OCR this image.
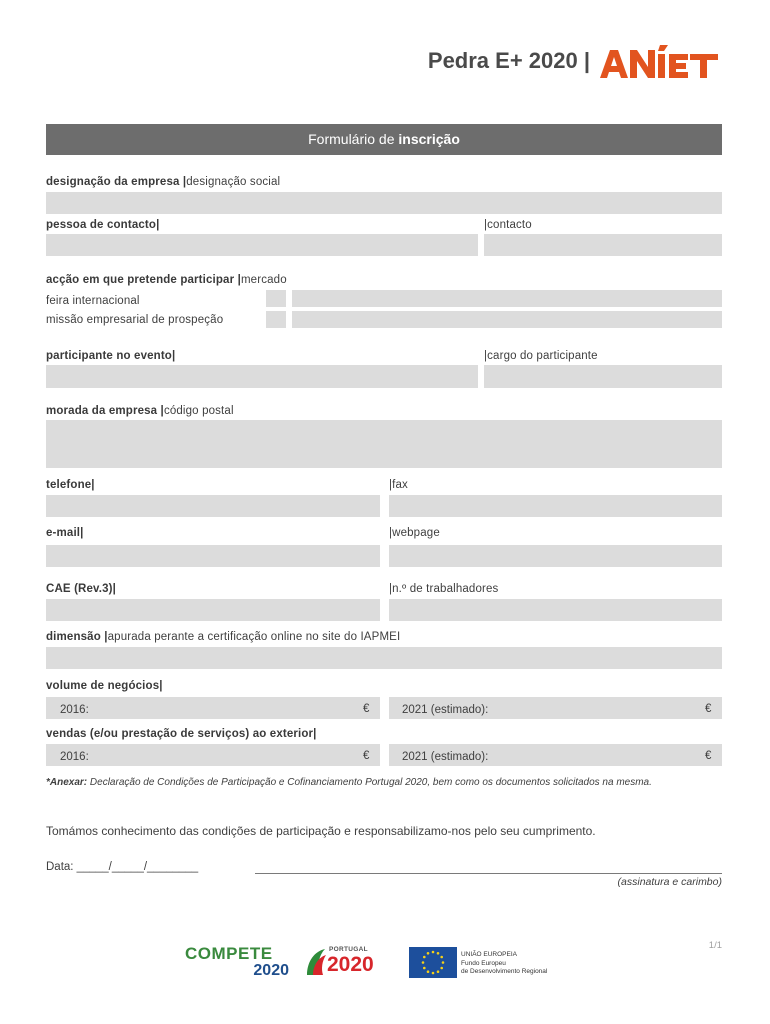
Pedra E+ 2020 |
Formulário de inscrição
designação da empresa |designação social
pessoa de contacto|	|contacto
acção em que pretende participar |mercado
feira internacional
missão empresarial de prospeção
participante no evento|	|cargo do participante
morada da empresa |código postal
telefone|	|fax
e-mail|	|webpage
CAE (Rev.3)|	|n.º de trabalhadores
dimensão |apurada perante a certificação online no site do IAPMEI
volume de negócios|
2016:	€	2021 (estimado):	€
vendas (e/ou prestação de serviços) ao exterior|
2016:	€	2021 (estimado):	€
*Anexar: Declaração de Condições de Participação e Cofinanciamento Portugal 2020, bem como os documentos solicitados na mesma.
Tomámos conhecimento das condições de participação e responsabilizamo-nos pelo seu cumprimento.
Data: _____/_____/________
(assinatura e carimbo)
1/1
COMPETE
2020
PORTUGAL
2020	UNIÃO EUROPEIA
Fundo Europeu
de Desenvolvimento Regional
